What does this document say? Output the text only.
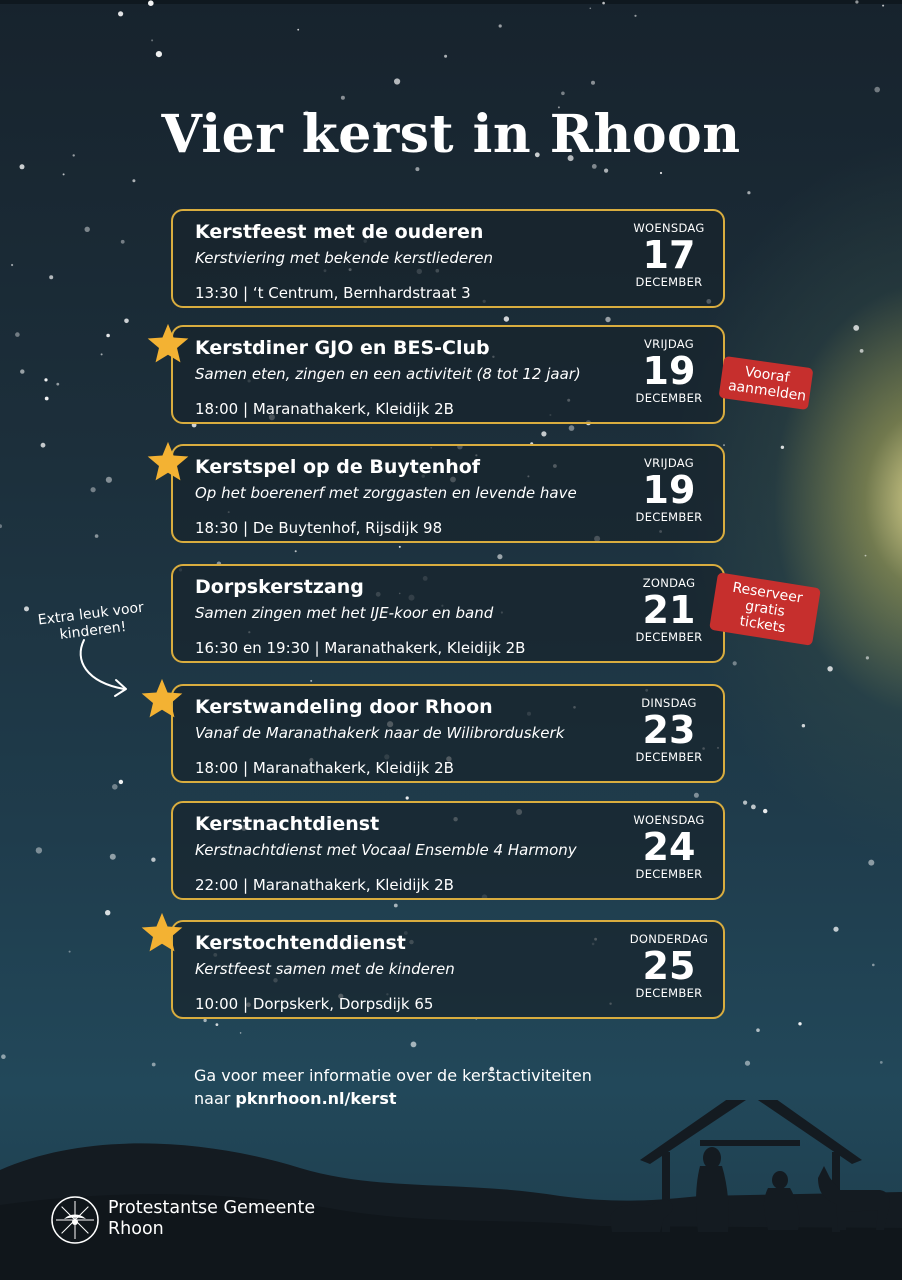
Vier kerst in Rhoon
Kerstfeest met de ouderen
Kerstviering met bekende kerstliederen
13:30 | ‘t Centrum, Bernhardstraat 3
WOENSDAG
17
DECEMBER
Kerstdiner GJO en BES-Club
Samen eten, zingen en een activiteit (8 tot 12 jaar)
18:00 | Maranathakerk, Kleidijk 2B
VRIJDAG
19
DECEMBER
Kerstspel op de Buytenhof
Op het boerenerf met zorggasten en levende have
18:30 | De Buytenhof, Rijsdijk 98
VRIJDAG
19
DECEMBER
Dorpskerstzang
Samen zingen met het IJE-koor en band
16:30 en 19:30 | Maranathakerk, Kleidijk 2B
ZONDAG
21
DECEMBER
Kerstwandeling door Rhoon
Vanaf de Maranathakerk naar de Wilibrorduskerk
18:00 | Maranathakerk, Kleidijk 2B
DINSDAG
23
DECEMBER
Kerstnachtdienst
Kerstnachtdienst met Vocaal Ensemble 4 Harmony
22:00 | Maranathakerk, Kleidijk 2B
WOENSDAG
24
DECEMBER
Kerstochtenddienst
Kerstfeest samen met de kinderen
10:00 | Dorpskerk, Dorpsdijk 65
DONDERDAG
25
DECEMBER
Vooraf aanmelden
Reserveer gratis tickets
Extra leuk voor kinderen!
Ga voor meer informatie over de kerstactiviteiten
naar pknrhoon.nl/kerst
Protestantse Gemeente
Rhoon
